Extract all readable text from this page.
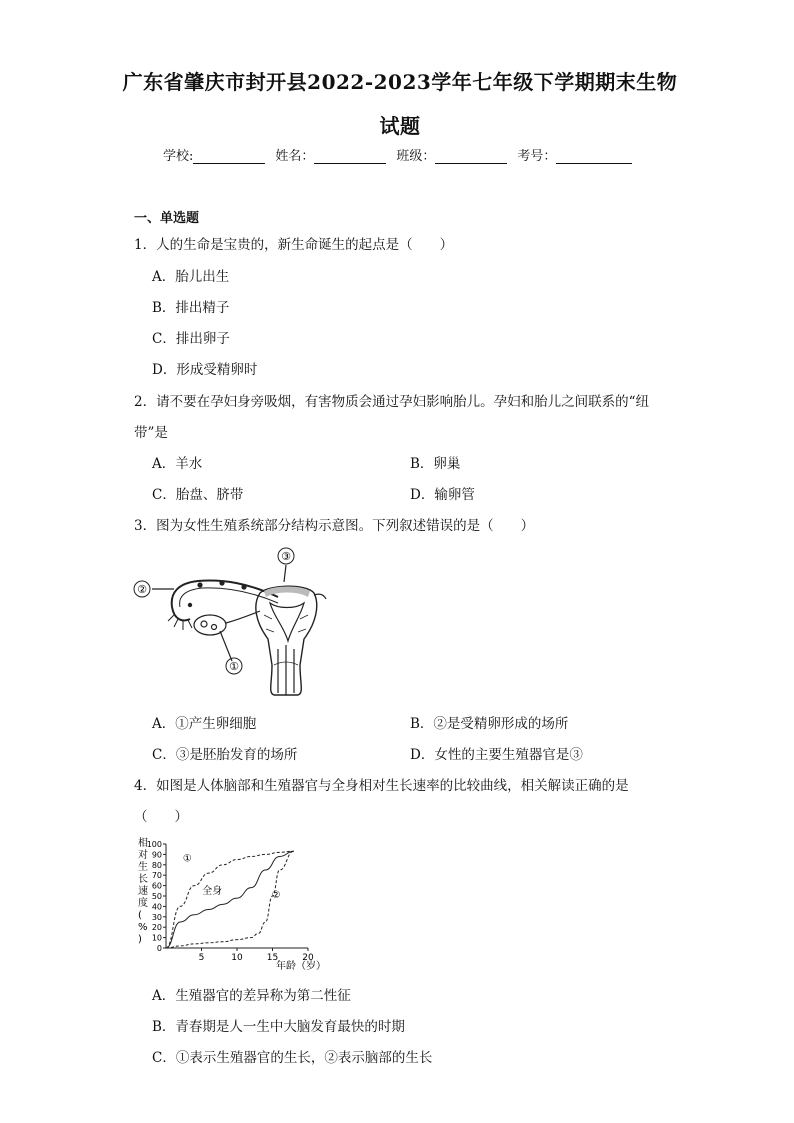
广东省肇庆市封开县2022-2023学年七年级下学期期末生物
试题
学校:	姓名：	班级：	考号：
一、单选题
1．人的生命是宝贵的，新生命诞生的起点是（　　）
A．胎儿出生
B．排出精子
C．排出卵子
D．形成受精卵时
2．请不要在孕妇身旁吸烟，有害物质会通过孕妇影响胎儿。孕妇和胎儿之间联系的“纽
带”是
A．羊水	B．卵巢
C．胎盘、脐带	D．输卵管
3．图为女性生殖系统部分结构示意图。下列叙述错误的是（　　）
③
②
①
A．①产生卵细胞	B．②是受精卵形成的场所
C．③是胚胎发育的场所	D．女性的主要生殖器官是③
4．如图是人体脑部和生殖器官与全身相对生长速率的比较曲线，相关解读正确的是
（　　）
相对生长速度( % )
0
10
20
30
40
50
60
70
80
90
100
5	10	15	20
①
全身	②
年龄（岁）
A．生殖器官的差异称为第二性征
B．青春期是人一生中大脑发育最快的时期
C．①表示生殖器官的生长，②表示脑部的生长
